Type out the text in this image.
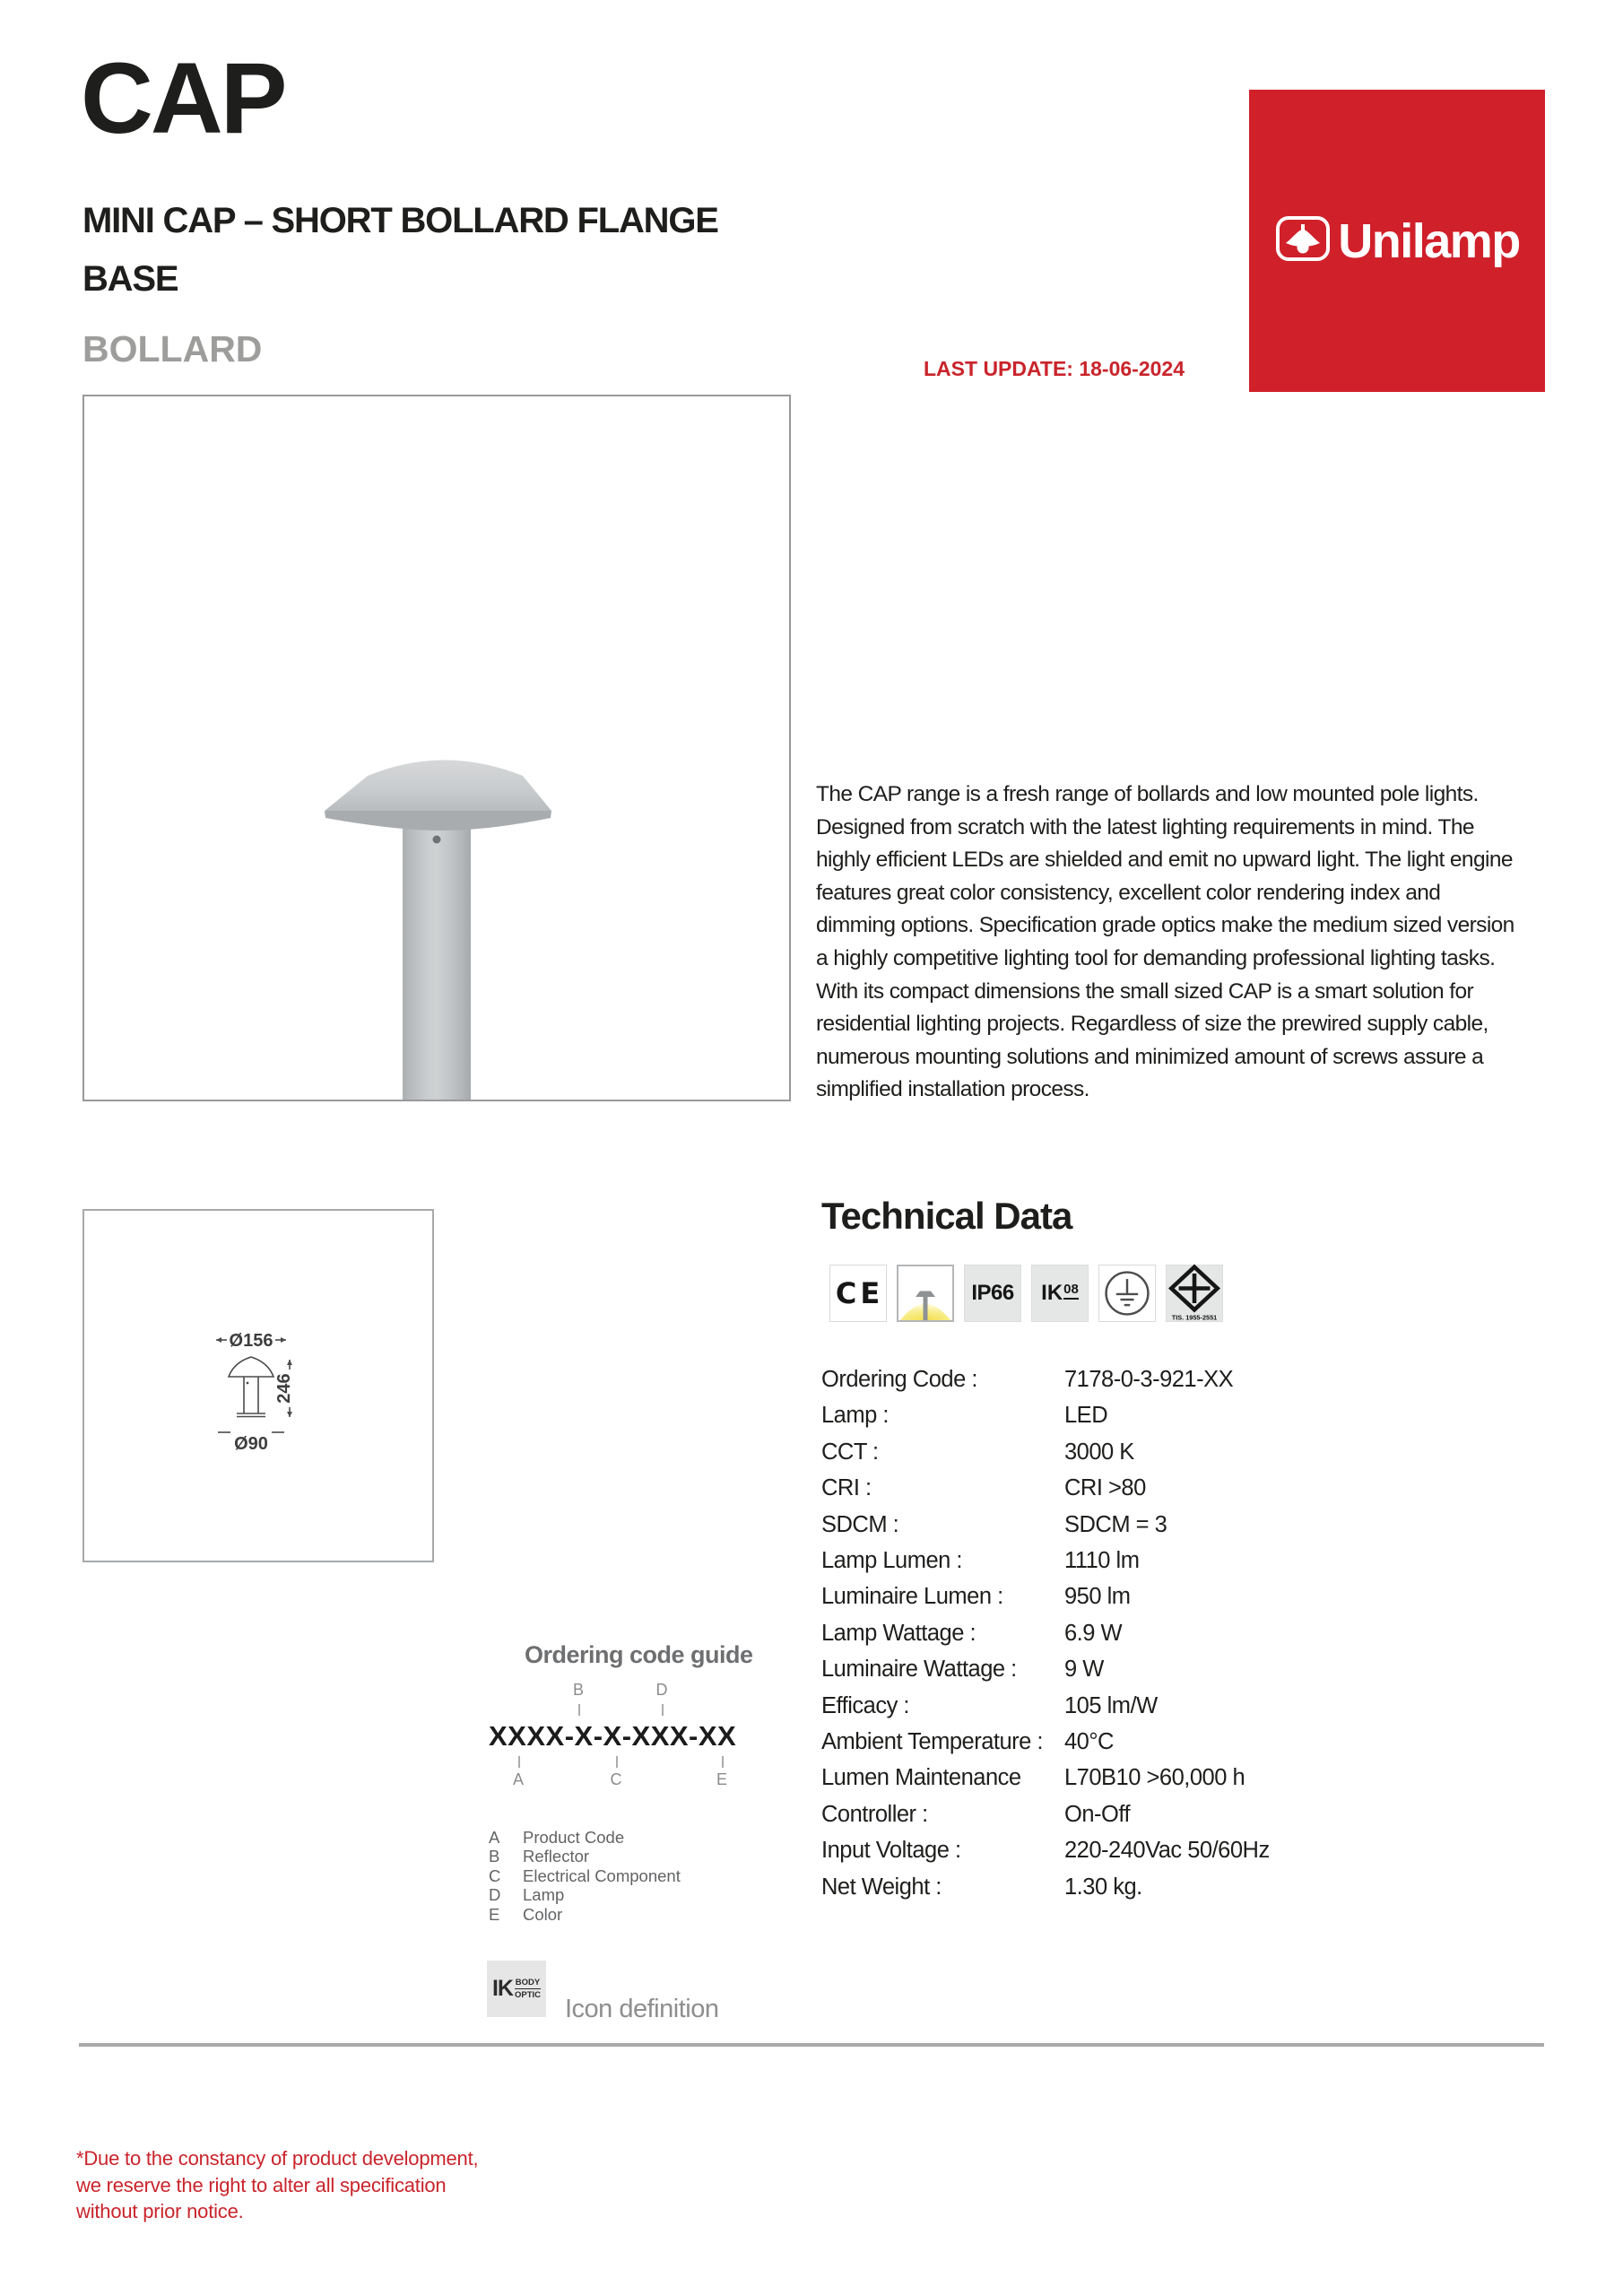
CAP
MINI CAP – SHORT BOLLARD FLANGE
BASE
BOLLARD
Unilamp
LAST UPDATE: 18-06-2024
The CAP range is a fresh range of bollards and low mounted pole lights.
Designed from scratch with the latest lighting requirements in mind. The
highly efficient LEDs are shielded and emit no upward light. The light engine
features great color consistency, excellent color rendering index and
dimming options. Specification grade optics make the medium sized version
a highly competitive lighting tool for demanding professional lighting tasks.
With its compact dimensions the small sized CAP is a smart solution for
residential lighting projects. Regardless of size the prewired supply cable,
numerous mounting solutions and minimized amount of screws assure a
simplified installation process.
Ø156
246
Ø90
Technical Data
CE	IP66 IK 08
TIS. 1955-2551
Ordering Code :	7178-0-3-921-XX
Lamp :	LED
CCT :	3000 K
CRI :	CRI >80
SDCM :	SDCM = 3
Lamp Lumen :	1110 lm
Luminaire Lumen :	950 lm
Lamp Wattage :	6.9 W
Luminaire Wattage :	9 W
Efficacy :	105 lm/W
Ambient Temperature : 40°C
Lumen Maintenance	L70B10 >60,000 h
Controller :	On-Off
Input Voltage :	220-240Vac 50/60Hz
Net Weight :	1.30 kg.
Ordering code guide
B	D
XXXX-X-X-XXX-XX
A	C	E
A	Product Code
B	Reflector
C	Electrical Component
D	Lamp
E	Color
IK $\frac{\text{BODY}}{\text{OPTIC}}$
Icon definition
*Due to the constancy of product development,
we reserve the right to alter all specification
without prior notice.
